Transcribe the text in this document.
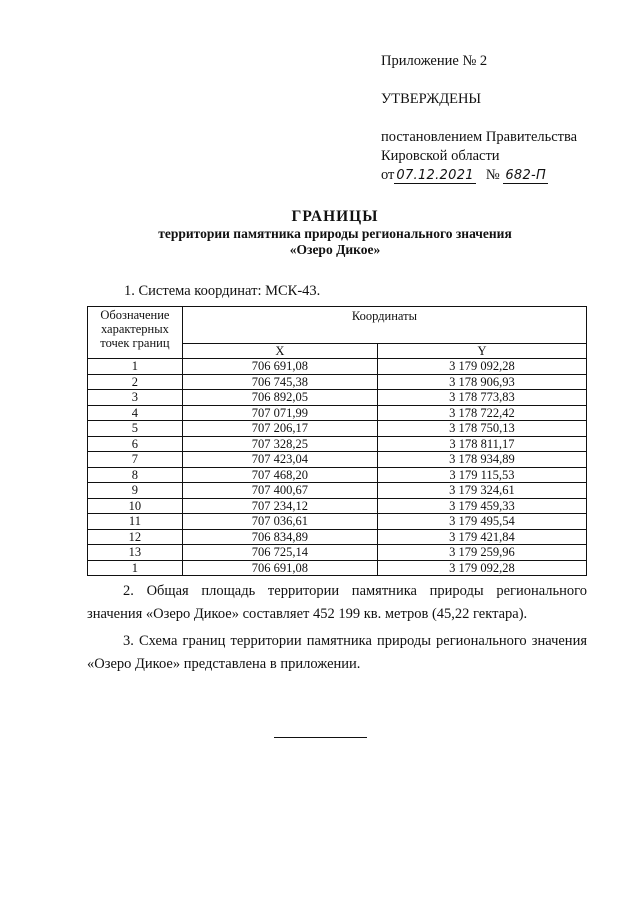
Приложение № 2
УТВЕРЖДЕНЫ
постановлением Правительства
Кировской области
от 07.12.2021 № 682-П
ГРАНИЦЫ
территории памятника природы регионального значения
«Озеро Дикое»
1. Система координат: МСК-43.
Обозначение
характерных
точек границ	Координаты	
	X	Y
1	706 691,08	3 179 092,28
2	706 745,38	3 178 906,93
3	706 892,05	3 178 773,83
4	707 071,99	3 178 722,42
5	707 206,17	3 178 750,13
6	707 328,25	3 178 811,17
7	707 423,04	3 178 934,89
8	707 468,20	3 179 115,53
9	707 400,67	3 179 324,61
10	707 234,12	3 179 459,33
11	707 036,61	3 179 495,54
12	706 834,89	3 179 421,84
13	706 725,14	3 179 259,96
1	706 691,08	3 179 092,28
2. Общая площадь территории памятника природы регионального значения «Озеро Дикое» составляет 452 199 кв. метров (45,22 гектара).
3. Схема границ территории памятника природы регионального значения «Озеро Дикое» представлена в приложении.
